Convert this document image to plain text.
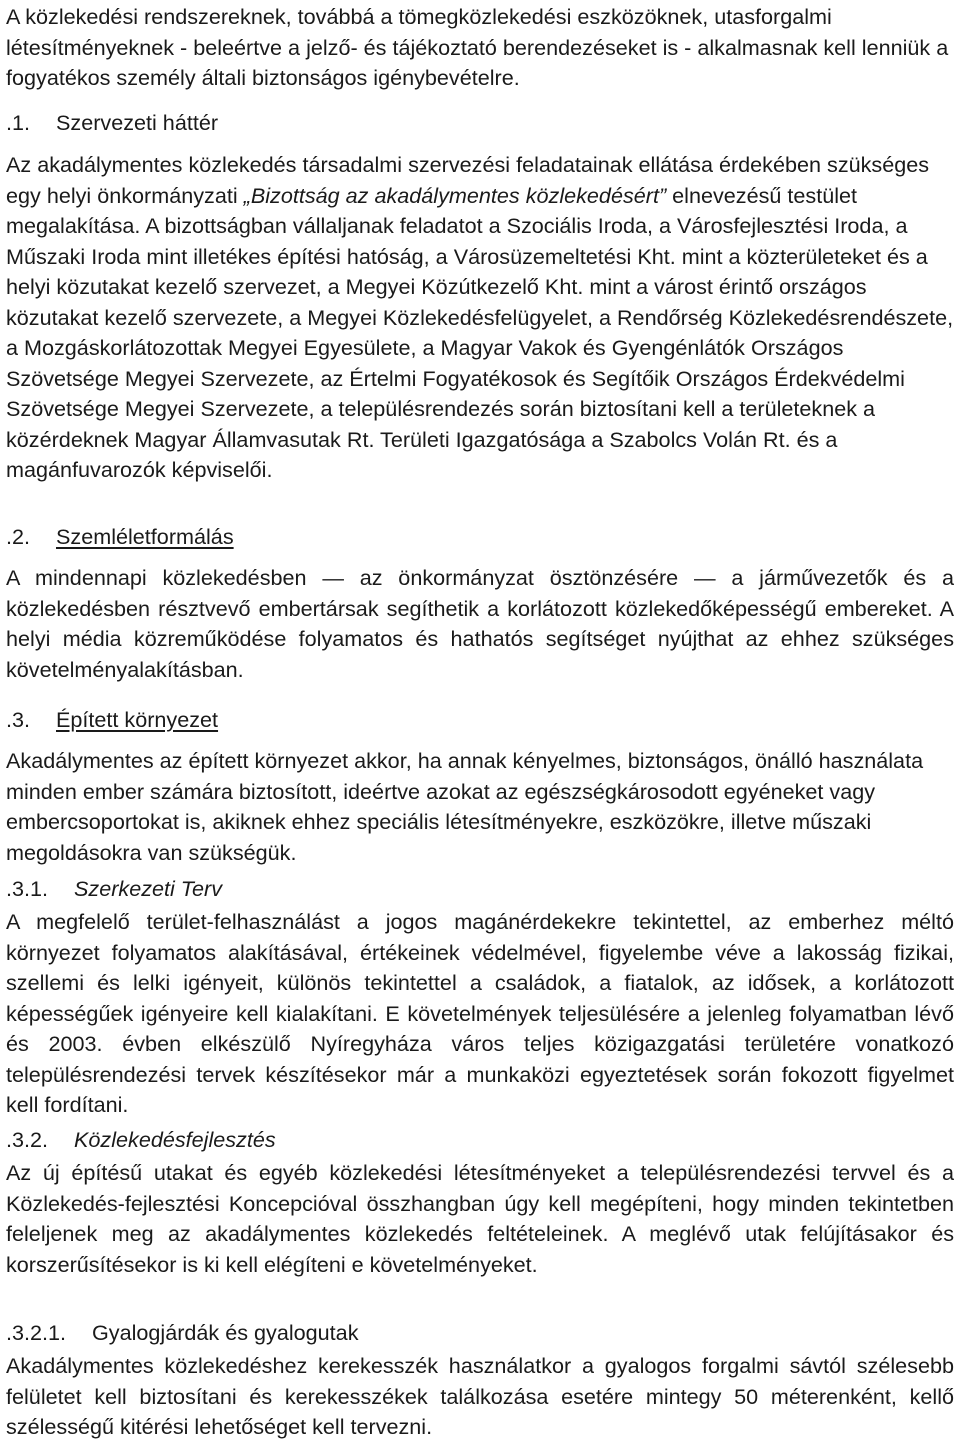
A közlekedési rendszereknek, továbbá a tömegközlekedési eszközöknek, utasforgalmi létesítményeknek - beleértve a jelző- és tájékoztató berendezéseket is - alkalmasnak kell lenniük a fogyatékos személy általi biztonságos igénybevételre.

.1. Szervezeti háttér

Az akadálymentes közlekedés társadalmi szervezési feladatainak ellátása érdekében szükséges egy helyi önkormányzati „Bizottság az akadálymentes közlekedésért” elnevezésű testület megalakítása. A bizottságban vállaljanak feladatot a Szociális Iroda, a Városfejlesztési Iroda, a Műszaki Iroda mint illetékes építési hatóság, a Városüzemeltetési Kht. mint a közterületeket és a helyi közutakat kezelő szervezet, a Megyei Közútkezelő Kht. mint a várost érintő országos közutakat kezelő szervezete, a Megyei Közlekedésfelügyelet, a Rendőrség Közlekedésrendészete, a Mozgáskorlátozottak Megyei Egyesülete, a Magyar Vakok és Gyengénlátók Országos Szövetsége Megyei Szervezete, az Értelmi Fogyatékosok és Segítőik Országos Érdekvédelmi Szövetsége Megyei Szervezete, a településrendezés során biztosítani kell a területeknek a közérdeknek Magyar Államvasutak Rt. Területi Igazgatósága a Szabolcs Volán Rt. és a magánfuvarozók képviselői.

.2. Szemléletformálás

A mindennapi közlekedésben — az önkormányzat ösztönzésére — a járművezetők és a közlekedésben résztvevő embertársak segíthetik a korlátozott közlekedőképességű embereket. A helyi média közreműködése folyamatos és hathatós segítséget nyújthat az ehhez szükséges követelményalakításban.

.3. Épített környezet

Akadálymentes az épített környezet akkor, ha annak kényelmes, biztonságos, önálló használata minden ember számára biztosított, ideértve azokat az egészségkárosodott egyéneket vagy embercsoportokat is, akiknek ehhez speciális létesítményekre, eszközökre, illetve műszaki megoldásokra van szükségük.

.3.1. Szerkezeti Terv

A megfelelő terület-felhasználást a jogos magánérdekekre tekintettel, az emberhez méltó környezet folyamatos alakításával, értékeinek védelmével, figyelembe véve a lakosság fizikai, szellemi és lelki igényeit, különös tekintettel a családok, a fiatalok, az idősek, a korlátozott képességűek igényeire kell kialakítani. E követelmények teljesülésére a jelenleg folyamatban lévő és 2003. évben elkészülő Nyíregyháza város teljes közigazgatási területére vonatkozó településrendezési tervek készítésekor már a munkaközi egyeztetések során fokozott figyelmet kell fordítani.

.3.2. Közlekedésfejlesztés

Az új építésű utakat és egyéb közlekedési létesítményeket a településrendezési tervvel és a Közlekedés-fejlesztési Koncepcióval összhangban úgy kell megépíteni, hogy minden tekintetben feleljenek meg az akadálymentes közlekedés feltételeinek. A meglévő utak felújításakor és korszerűsítésekor is ki kell elégíteni e követelményeket.

.3.2.1. Gyalogjárdák és gyalogutak

Akadálymentes közlekedéshez kerekesszék használatkor a gyalogos forgalmi sávtól szélesebb felületet kell biztosítani és kerekesszékek találkozása esetére mintegy 50 méterenként, kellő szélességű kitérési lehetőséget kell tervezni.
